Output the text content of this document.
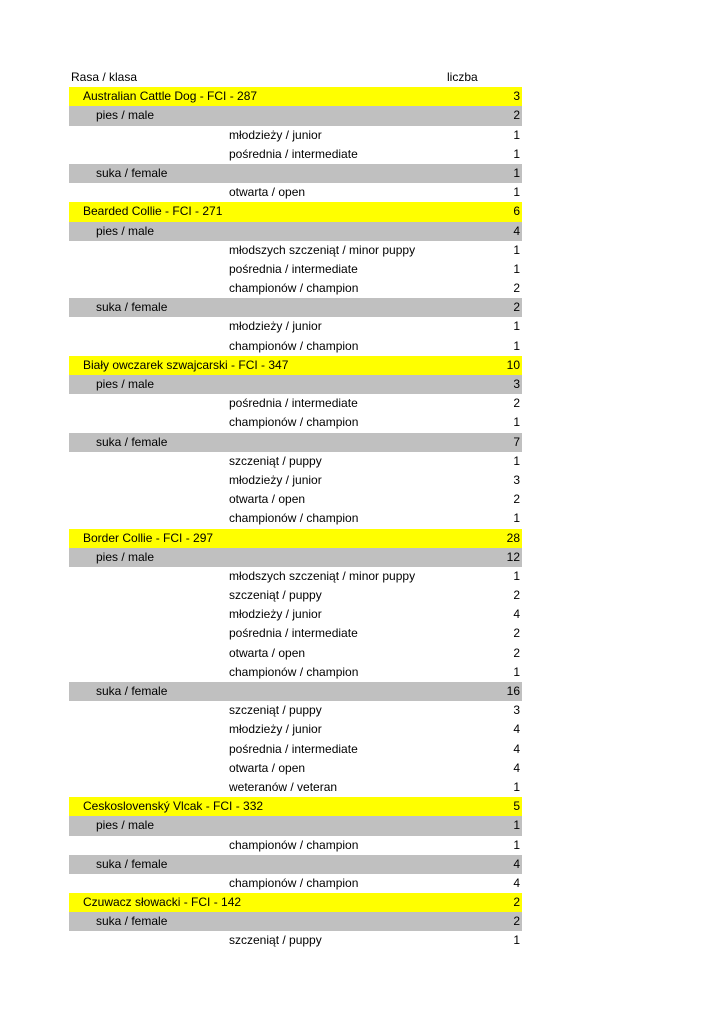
Rasa / klasa	liczba
Australian Cattle Dog - FCI - 287	3
pies / male	2
młodzieży / junior	1
pośrednia / intermediate	1
suka / female	1
otwarta / open	1
Bearded Collie - FCI - 271	6
pies / male	4
młodszych szczeniąt / minor puppy	1
pośrednia / intermediate	1
championów / champion	2
suka / female	2
młodzieży / junior	1
championów / champion	1
Biały owczarek szwajcarski - FCI - 347	10
pies / male	3
pośrednia / intermediate	2
championów / champion	1
suka / female	7
szczeniąt / puppy	1
młodzieży / junior	3
otwarta / open	2
championów / champion	1
Border Collie - FCI - 297	28
pies / male	12
młodszych szczeniąt / minor puppy	1
szczeniąt / puppy	2
młodzieży / junior	4
pośrednia / intermediate	2
otwarta / open	2
championów / champion	1
suka / female	16
szczeniąt / puppy	3
młodzieży / junior	4
pośrednia / intermediate	4
otwarta / open	4
weteranów / veteran	1
Ceskoslovenský Vlcak - FCI - 332	5
pies / male	1
championów / champion	1
suka / female	4
championów / champion	4
Czuwacz słowacki - FCI - 142	2
suka / female	2
szczeniąt / puppy	1
